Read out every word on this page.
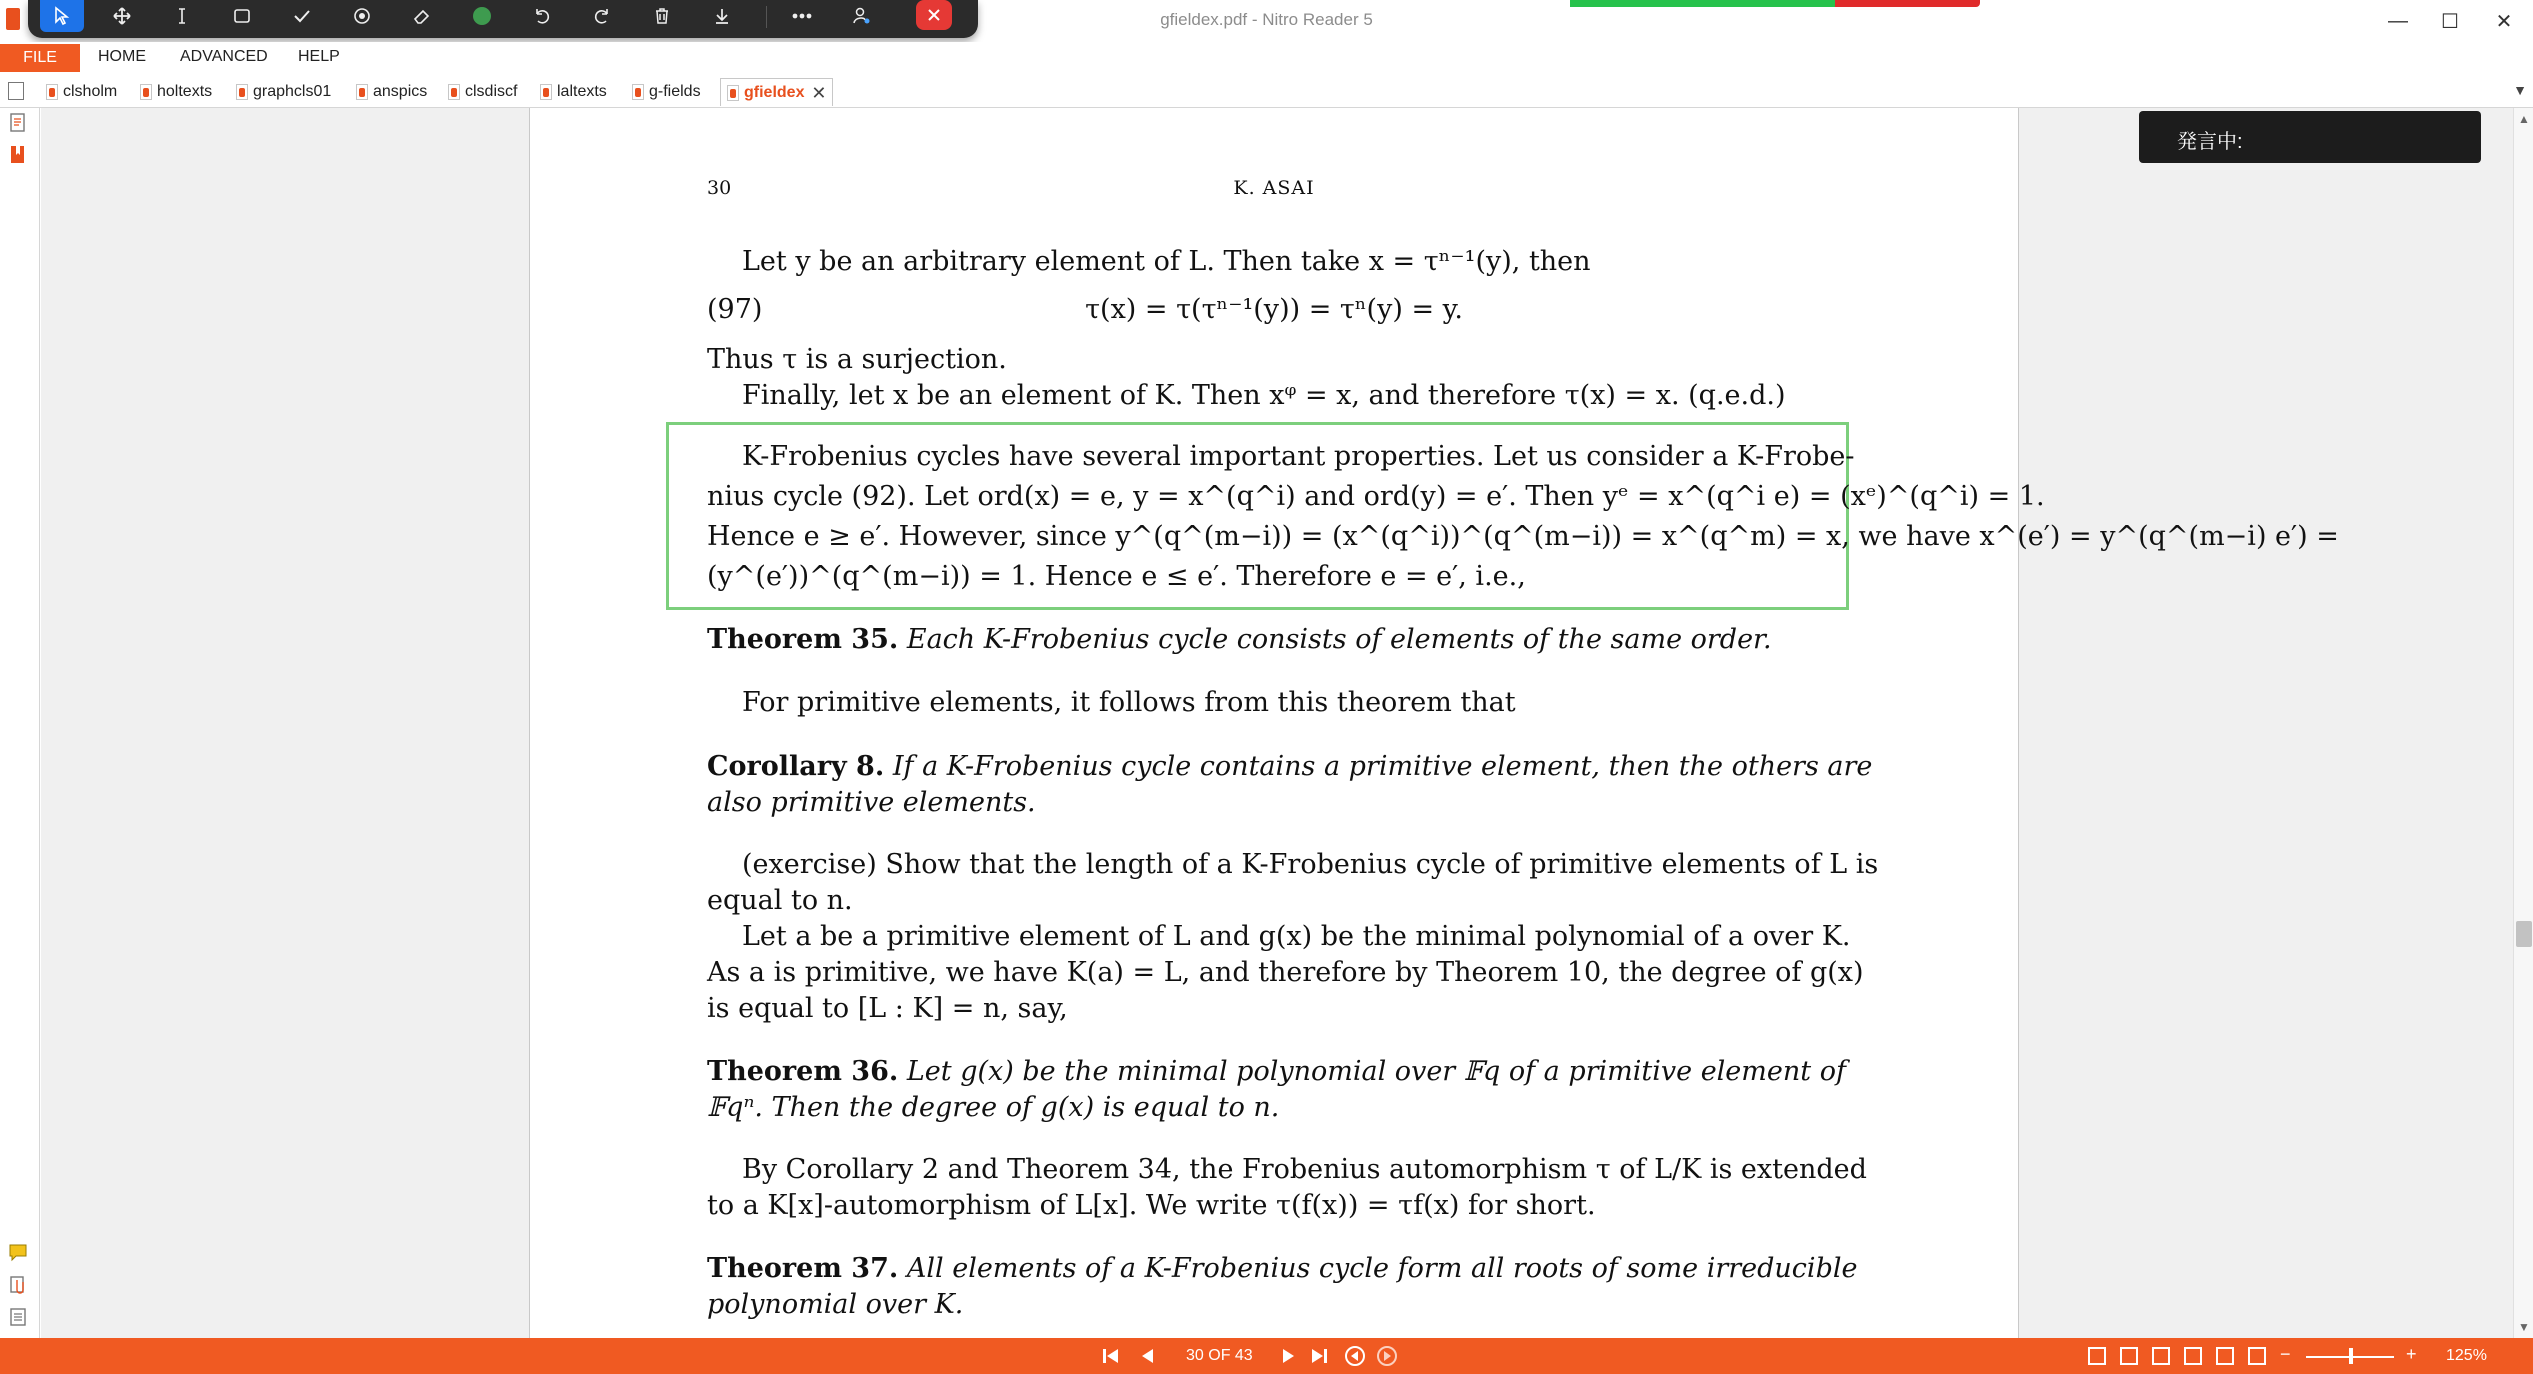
gfieldex.pdf - Nitro Reader 5	—	☐	✕
FILE	HOME ADVANCED HELP
clsholm holtexts	graphcls01	anspics clsdiscf laltexts	g-fields	gfieldex ✕	▼
30	K. ASAI
Let y be an arbitrary element of L. Then take x = τⁿ⁻¹(y), then
(97)	τ(x) = τ(τⁿ⁻¹(y)) = τⁿ(y) = y.
Thus τ is a surjection.
Finally, let x be an element of K. Then xᵠ = x, and therefore τ(x) = x. (q.e.d.)
K-Frobenius cycles have several important properties. Let us consider a K-Frobe-
nius cycle (92). Let ord(x) = e, y = x^(q^i) and ord(y) = e′. Then yᵉ = x^(q^i e) = (xᵉ)^(q^i) = 1.
Hence e ≥ e′. However, since y^(q^(m−i)) = (x^(q^i))^(q^(m−i)) = x^(q^m) = x, we have x^(e′) = y^(q^(m−i) e′) =
(y^(e′))^(q^(m−i)) = 1. Hence e ≤ e′. Therefore e = e′, i.e.,
Theorem 35. Each K-Frobenius cycle consists of elements of the same order.
For primitive elements, it follows from this theorem that
Corollary 8. If a K-Frobenius cycle contains a primitive element, then the others are
also primitive elements.
(exercise) Show that the length of a K-Frobenius cycle of primitive elements of L is
equal to n.
Let a be a primitive element of L and g(x) be the minimal polynomial of a over K.
As a is primitive, we have K(a) = L, and therefore by Theorem 10, the degree of g(x)
is equal to [L : K] = n, say,
Theorem 36. Let g(x) be the minimal polynomial over 𝔽q of a primitive element of
𝔽qⁿ. Then the degree of g(x) is equal to n.
By Corollary 2 and Theorem 34, the Frobenius automorphism τ of L/K is extended
to a K[x]-automorphism of L[x]. We write τ(f(x)) = τf(x) for short.
Theorem 37. All elements of a K-Frobenius cycle form all roots of some irreducible
polynomial over K.
発言中:
▲
▼
30 OF 43	−	+ 125%
